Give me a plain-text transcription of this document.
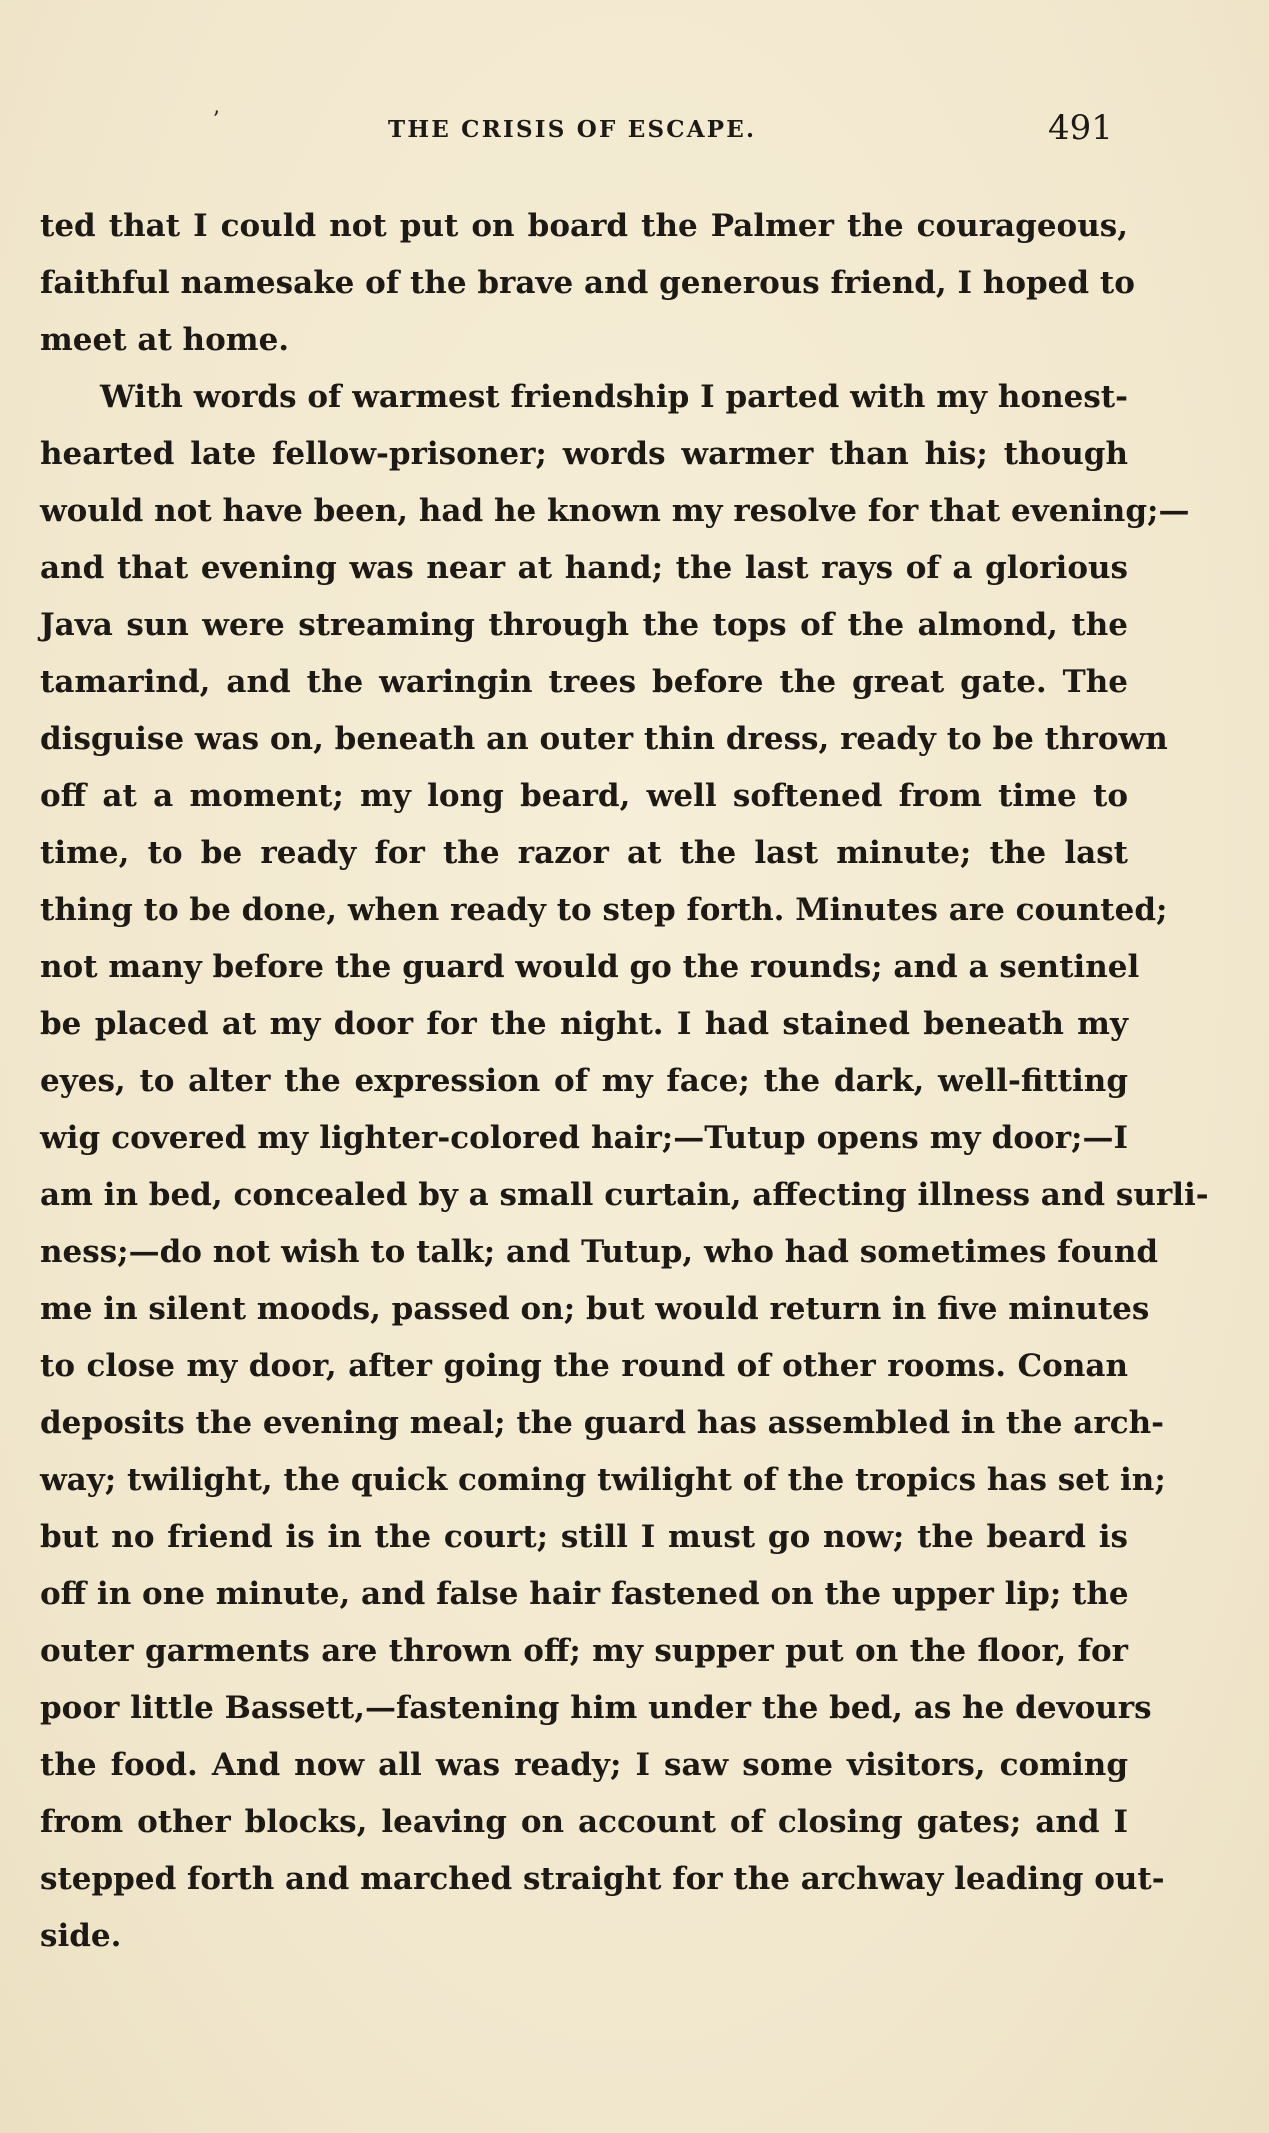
ʼ	THE CRISIS OF ESCAPE.	491
ted that I could not put on board the Palmer the courageous,
faithful namesake of the brave and generous friend, I hoped to
meet at home.
With words of warmest friendship I parted with my honest-
hearted late fellow-prisoner; words warmer than his; though
would not have been, had he known my resolve for that evening;—
and that evening was near at hand; the last rays of a glorious
Java sun were streaming through the tops of the almond, the
tamarind, and the waringin trees before the great gate. The
disguise was on, beneath an outer thin dress, ready to be thrown
off at a moment; my long beard, well softened from time to
time, to be ready for the razor at the last minute; the last
thing to be done, when ready to step forth. Minutes are counted;
not many before the guard would go the rounds; and a sentinel
be placed at my door for the night. I had stained beneath my
eyes, to alter the expression of my face; the dark, well-fitting
wig covered my lighter-colored hair;—Tutup opens my door;—I
am in bed, concealed by a small curtain, affecting illness and surli-
ness;—do not wish to talk; and Tutup, who had sometimes found
me in silent moods, passed on; but would return in five minutes
to close my door, after going the round of other rooms. Conan
deposits the evening meal; the guard has assembled in the arch-
way; twilight, the quick coming twilight of the tropics has set in;
but no friend is in the court; still I must go now; the beard is
off in one minute, and false hair fastened on the upper lip; the
outer garments are thrown off; my supper put on the floor, for
poor little Bassett,—fastening him under the bed, as he devours
the food. And now all was ready; I saw some visitors, coming
from other blocks, leaving on account of closing gates; and I
stepped forth and marched straight for the archway leading out-
side.
